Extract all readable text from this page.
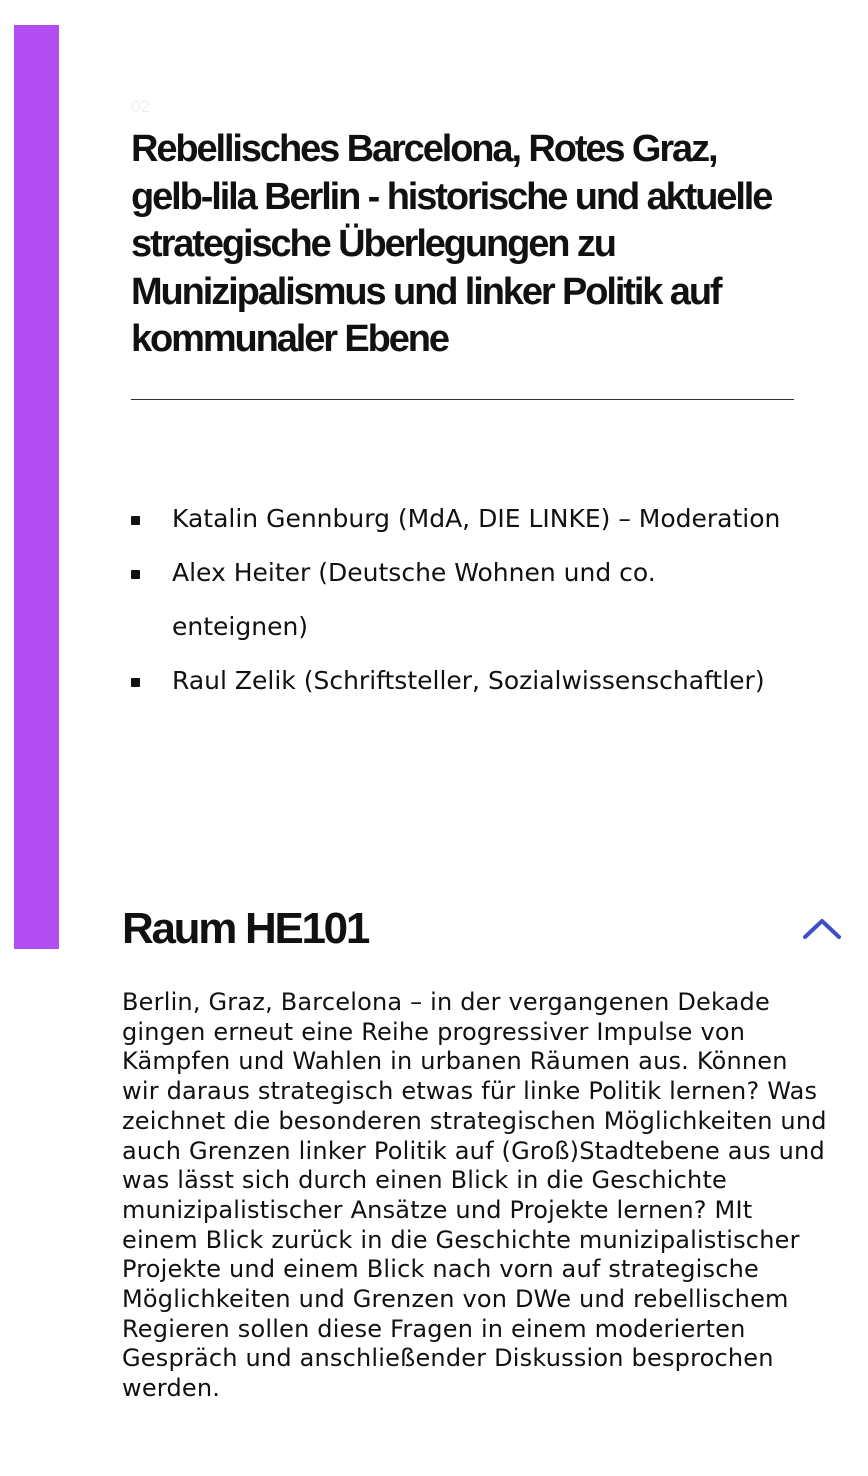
02
Rebellisches Barcelona, Rotes Graz, gelb-lila Berlin - historische und aktuelle strategische Überlegungen zu Munizipalismus und linker Politik auf kommunaler Ebene
Katalin Gennburg (MdA, DIE LINKE) – Moderation
Alex Heiter (Deutsche Wohnen und co. enteignen)
Raul Zelik (Schriftsteller, Sozialwissenschaftler)
Raum HE101

Berlin, Graz, Barcelona – in der vergangenen Dekade gingen erneut eine Reihe progressiver Impulse von Kämpfen und Wahlen in urbanen Räumen aus. Können wir daraus strategisch etwas für linke Politik lernen? Was zeichnet die besonderen strategischen Möglichkeiten und auch Grenzen linker Politik auf (Groß)Stadtebene aus und was lässt sich durch einen Blick in die Geschichte munizipalistischer Ansätze und Projekte lernen? MIt einem Blick zurück in die Geschichte munizipalistischer Projekte und einem Blick nach vorn auf strategische Möglichkeiten und Grenzen von DWe und rebellischem Regieren sollen diese Fragen in einem moderierten Gespräch und anschließender Diskussion besprochen werden.
